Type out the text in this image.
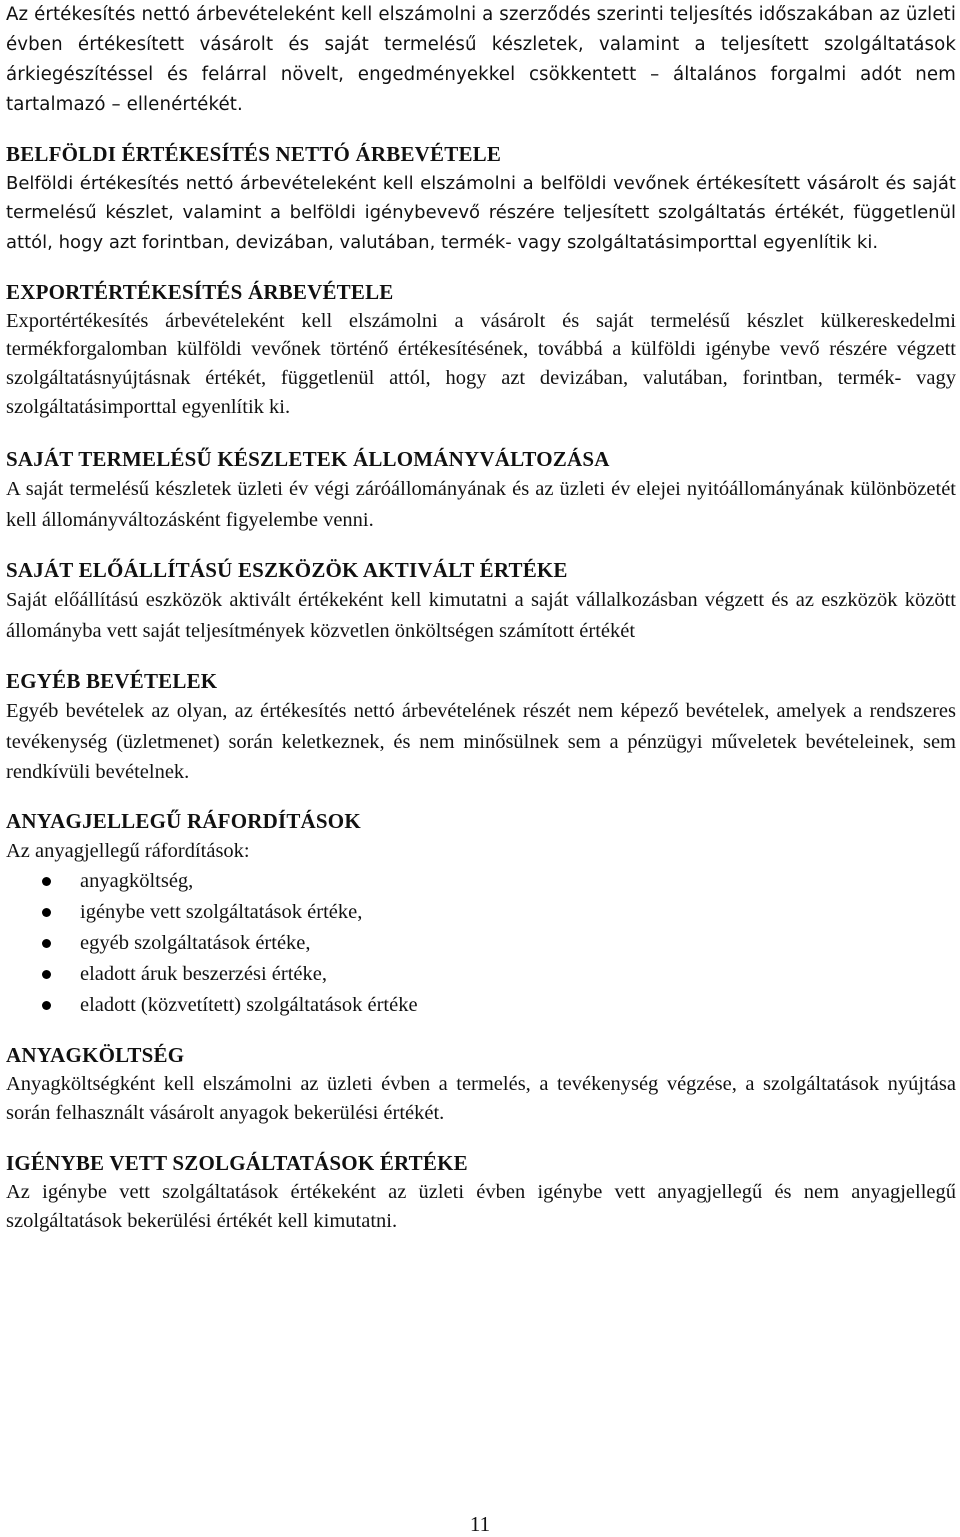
Az értékesítés nettó árbevételeként kell elszámolni a szerződés szerinti teljesítés időszakában az üzleti évben értékesített vásárolt és saját termelésű készletek, valamint a teljesített szolgáltatások árkiegészítéssel és felárral növelt, engedményekkel csökkentett – általános forgalmi adót nem tartalmazó – ellenértékét.

BELFÖLDI ÉRTÉKESÍTÉS NETTÓ ÁRBEVÉTELE

Belföldi értékesítés nettó árbevételeként kell elszámolni a belföldi vevőnek értékesített vásárolt és saját termelésű készlet, valamint a belföldi igénybevevő részére teljesített szolgáltatás értékét, függetlenül attól, hogy azt forintban, devizában, valutában, termék- vagy szolgáltatásimporttal egyenlítik ki.

EXPORTÉRTÉKESÍTÉS ÁRBEVÉTELE

Exportértékesítés árbevételeként kell elszámolni a vásárolt és saját termelésű készlet külkereskedelmi termékforgalomban külföldi vevőnek történő értékesítésének, továbbá a külföldi igénybe vevő részére végzett szolgáltatásnyújtásnak értékét, függetlenül attól, hogy azt devizában, valutában, forintban, termék- vagy szolgáltatásimporttal egyenlítik ki.

SAJÁT TERMELÉSŰ KÉSZLETEK ÁLLOMÁNYVÁLTOZÁSA

A saját termelésű készletek üzleti év végi záróállományának és az üzleti év elejei nyitóállományának különbözetét kell állományváltozásként figyelembe venni.

SAJÁT ELŐÁLLÍTÁSÚ ESZKÖZÖK AKTIVÁLT ÉRTÉKE

Saját előállítású eszközök aktivált értékeként kell kimutatni a saját vállalkozásban végzett és az eszközök között állományba vett saját teljesítmények közvetlen önköltségen számított értékét

EGYÉB BEVÉTELEK

Egyéb bevételek az olyan, az értékesítés nettó árbevételének részét nem képező bevételek, amelyek a rendszeres tevékenység (üzletmenet) során keletkeznek, és nem minősülnek sem a pénzügyi műveletek bevételeinek, sem rendkívüli bevételnek.

ANYAGJELLEGŰ RÁFORDÍTÁSOK

Az anyagjellegű ráfordítások:

anyagköltség,
igénybe vett szolgáltatások értéke,
egyéb szolgáltatások értéke,
eladott áruk beszerzési értéke,
eladott (közvetített) szolgáltatások értéke
ANYAGKÖLTSÉG

Anyagköltségként kell elszámolni az üzleti évben a termelés, a tevékenység végzése, a szolgáltatások nyújtása során felhasznált vásárolt anyagok bekerülési értékét.

IGÉNYBE VETT SZOLGÁLTATÁSOK ÉRTÉKE

Az igénybe vett szolgáltatások értékeként az üzleti évben igénybe vett anyagjellegű és nem anyagjellegű szolgáltatások bekerülési értékét kell kimutatni.

11
